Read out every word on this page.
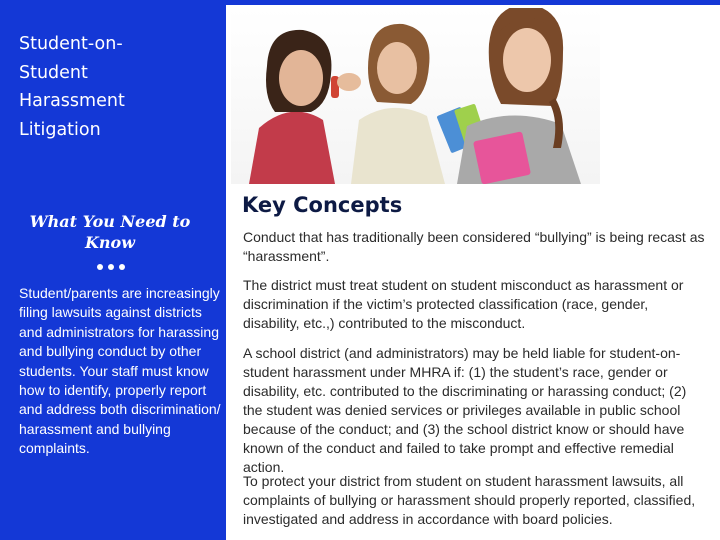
Student-on-
Student
Harassment
Litigation
What You Need to Know
Student/parents are increasingly filing lawsuits against districts and administrators for harassing and bullying conduct by other students. Your staff must know how to identify, properly report and address both discrimination/ harassment and bullying complaints.
Key Concepts

Conduct that has traditionally been considered “bullying” is being recast as “harassment”.

The district must treat student on student misconduct as harassment or discrimination if the victim’s protected classification (race, gender, disability, etc.,) contributed to the misconduct.

A school district (and administrators) may be held liable for student-on-student harassment under MHRA if: (1) the student’s race, gender or disability, etc. contributed to the discriminating or harassing conduct; (2) the student was denied services or privileges available in public school because of the conduct; and (3) the school district know or should have known of the conduct and failed to take prompt and effective remedial action.

To protect your district from student on student harassment lawsuits, all complaints of bullying or harassment should properly reported, classified, investigated and address in accordance with board policies.
